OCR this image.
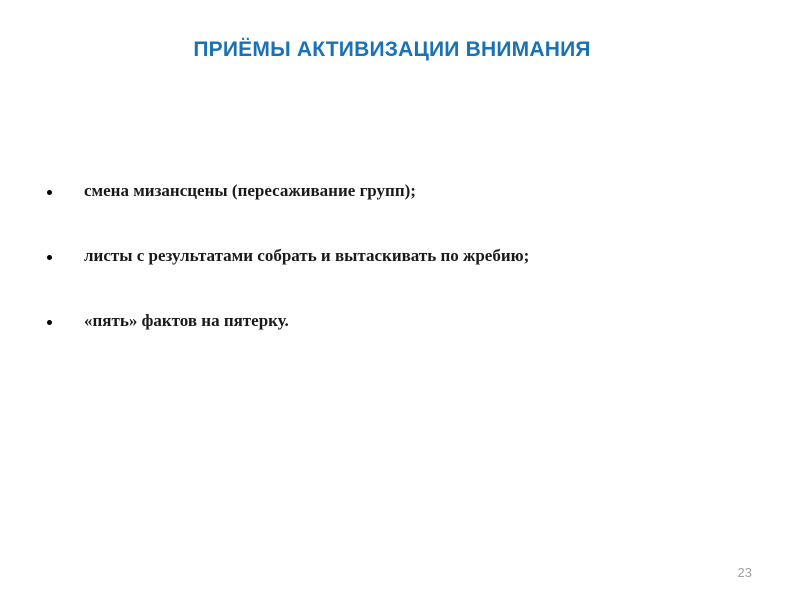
ПРИЁМЫ АКТИВИЗАЦИИ ВНИМАНИЯ
смена мизансцены (пересаживание групп);
листы с результатами собрать и вытаскивать по жребию;
«пять» фактов на пятерку.
23
